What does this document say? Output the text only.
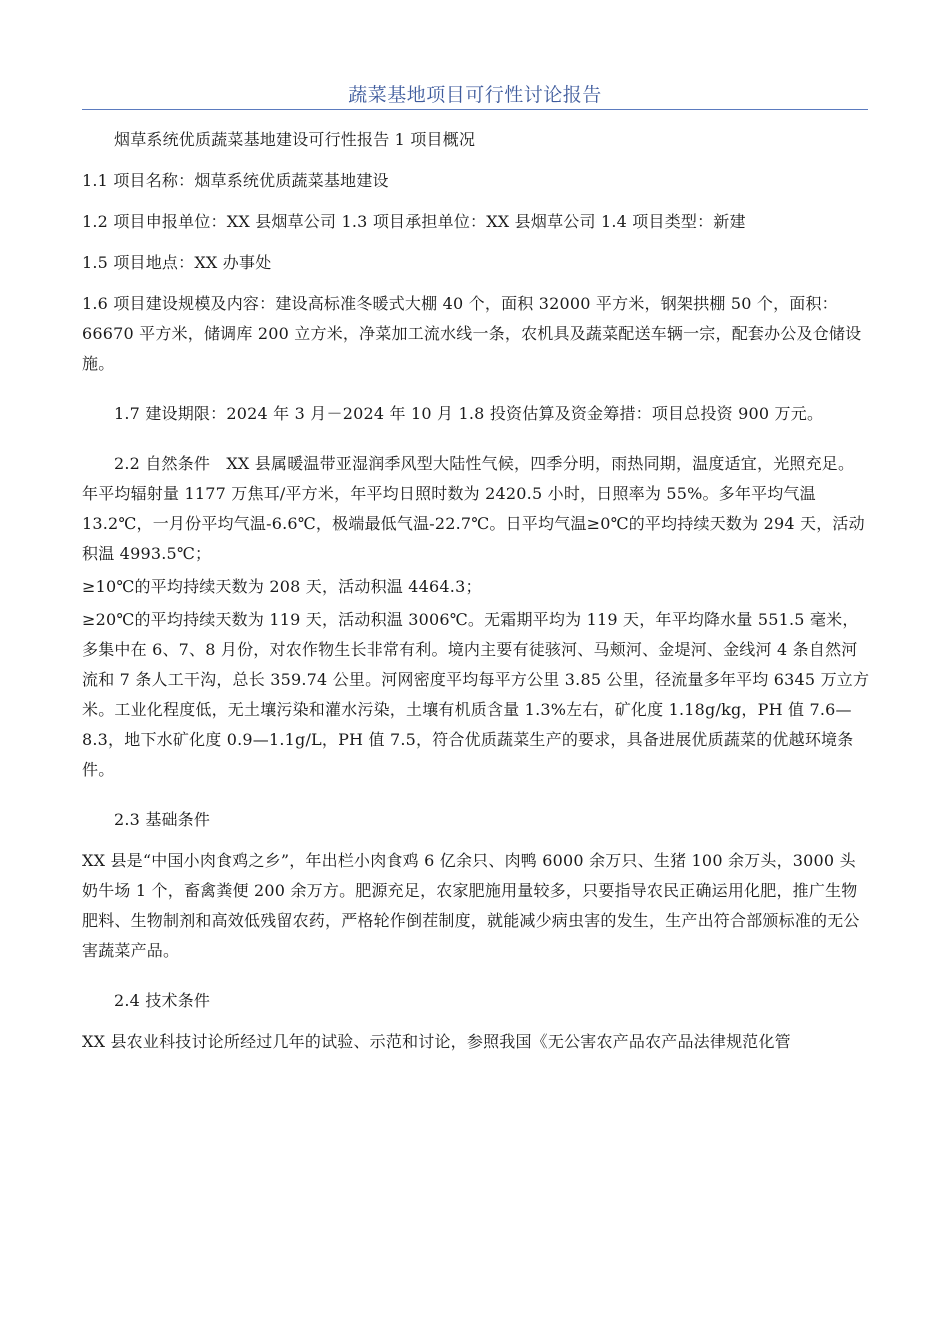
蔬菜基地项目可行性讨论报告

烟草系统优质蔬菜基地建设可行性报告 1 项目概况

1.1 项目名称：烟草系统优质蔬菜基地建设

1.2 项目申报单位：XX 县烟草公司 1.3 项目承担单位：XX 县烟草公司 1.4 项目类型：新建

1.5 项目地点：XX 办事处

1.6 项目建设规模及内容：建设高标准冬暖式大棚 40 个，面积 32000 平方米，钢架拱棚 50 个，面积：66670 平方米，储调库 200 立方米，净菜加工流水线一条，农机具及蔬菜配送车辆一宗，配套办公及仓储设施。

1.7 建设期限：2024 年 3 月－2024 年 10 月 1.8 投资估算及资金筹措：项目总投资 900 万元。

2.2 自然条件　XX 县属暖温带亚湿润季风型大陆性气候，四季分明，雨热同期，温度适宜，光照充足。年平均辐射量 1177 万焦耳/平方米，年平均日照时数为 2420.5 小时，日照率为 55%。多年平均气温 13.2℃，一月份平均气温-6.6℃，极端最低气温-22.7℃。日平均气温≥0℃的平均持续天数为 294 天，活动积温 4993.5℃；

≥10℃的平均持续天数为 208 天，活动积温 4464.3；

≥20℃的平均持续天数为 119 天，活动积温 3006℃。无霜期平均为 119 天，年平均降水量 551.5 毫米，多集中在 6、7、8 月份，对农作物生长非常有利。境内主要有徒骇河、马颊河、金堤河、金线河 4 条自然河流和 7 条人工干沟，总长 359.74 公里。河网密度平均每平方公里 3.85 公里，径流量多年平均 6345 万立方米。工业化程度低，无土壤污染和灌水污染，土壤有机质含量 1.3%左右，矿化度 1.18g/kg，PH 值 7.6—8.3，地下水矿化度 0.9—1.1g/L，PH 值 7.5，符合优质蔬菜生产的要求，具备进展优质蔬菜的优越环境条件。

2.3 基础条件

XX 县是“中国小肉食鸡之乡”，年出栏小肉食鸡 6 亿余只、肉鸭 6000 余万只、生猪 100 余万头，3000 头奶牛场 1 个，畜禽粪便 200 余万方。肥源充足，农家肥施用量较多，只要指导农民正确运用化肥，推广生物肥料、生物制剂和高效低残留农药，严格轮作倒茬制度，就能减少病虫害的发生，生产出符合部颁标准的无公害蔬菜产品。

2.4 技术条件

XX 县农业科技讨论所经过几年的试验、示范和讨论，参照我国《无公害农产品农产品法律规范化管
